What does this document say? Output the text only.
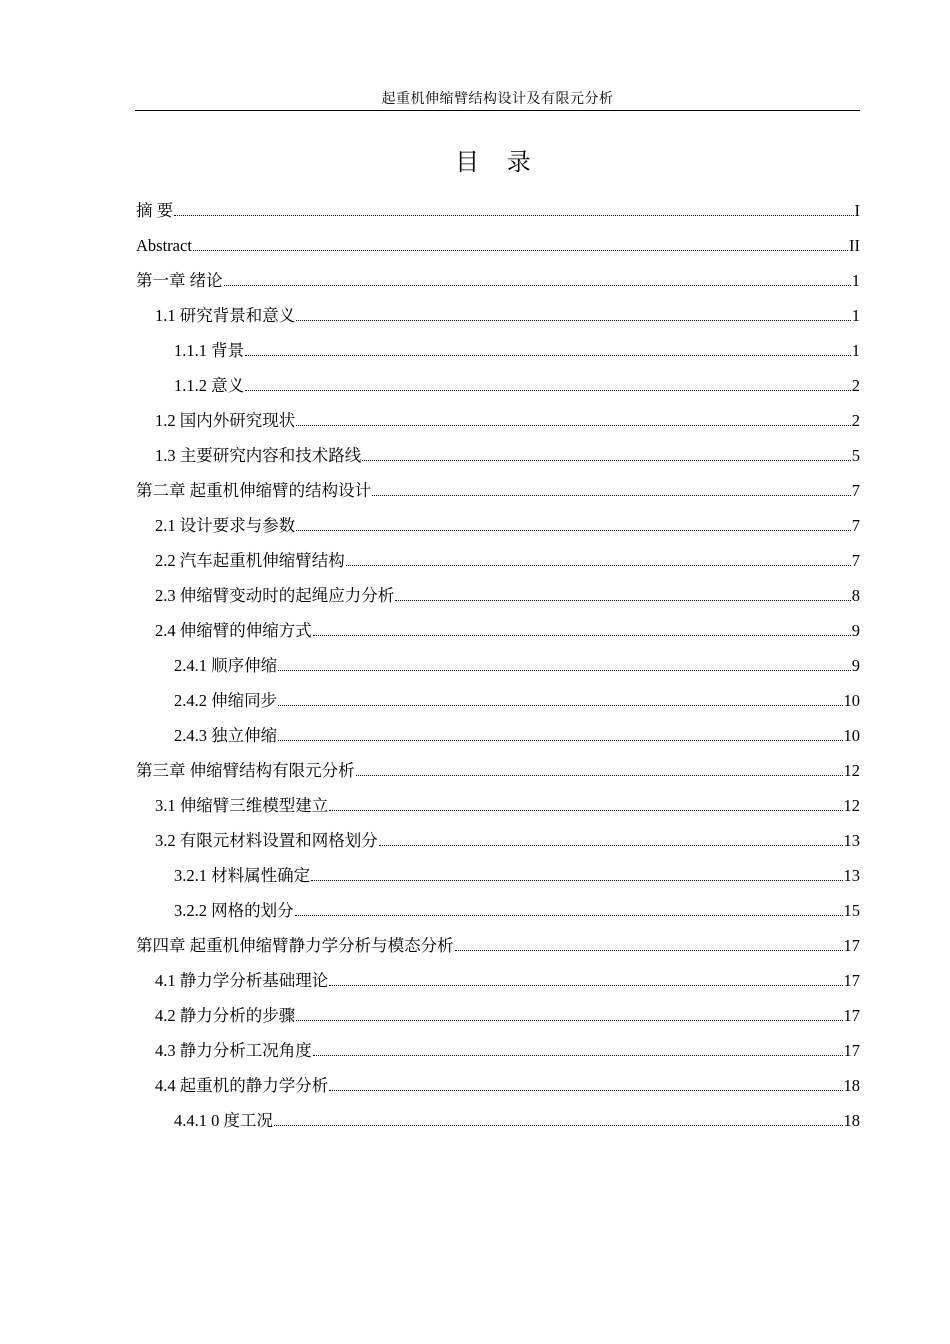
起重机伸缩臂结构设计及有限元分析
目 录
摘 要	I
Abstract	II
第一章 绪论	1
1.1 研究背景和意义	1
1.1.1 背景	1
1.1.2 意义	2
1.2 国内外研究现状	2
1.3 主要研究内容和技术路线	5
第二章 起重机伸缩臂的结构设计	7
2.1 设计要求与参数	7
2.2 汽车起重机伸缩臂结构	7
2.3 伸缩臂变动时的起绳应力分析	8
2.4 伸缩臂的伸缩方式	9
2.4.1 顺序伸缩	9
2.4.2 伸缩同步	10
2.4.3 独立伸缩	10
第三章 伸缩臂结构有限元分析	12
3.1 伸缩臂三维模型建立	12
3.2 有限元材料设置和网格划分	13
3.2.1 材料属性确定	13
3.2.2 网格的划分	15
第四章 起重机伸缩臂静力学分析与模态分析	17
4.1 静力学分析基础理论	17
4.2 静力分析的步骤	17
4.3 静力分析工况角度	17
4.4 起重机的静力学分析	18
4.4.1 0 度工况	18
